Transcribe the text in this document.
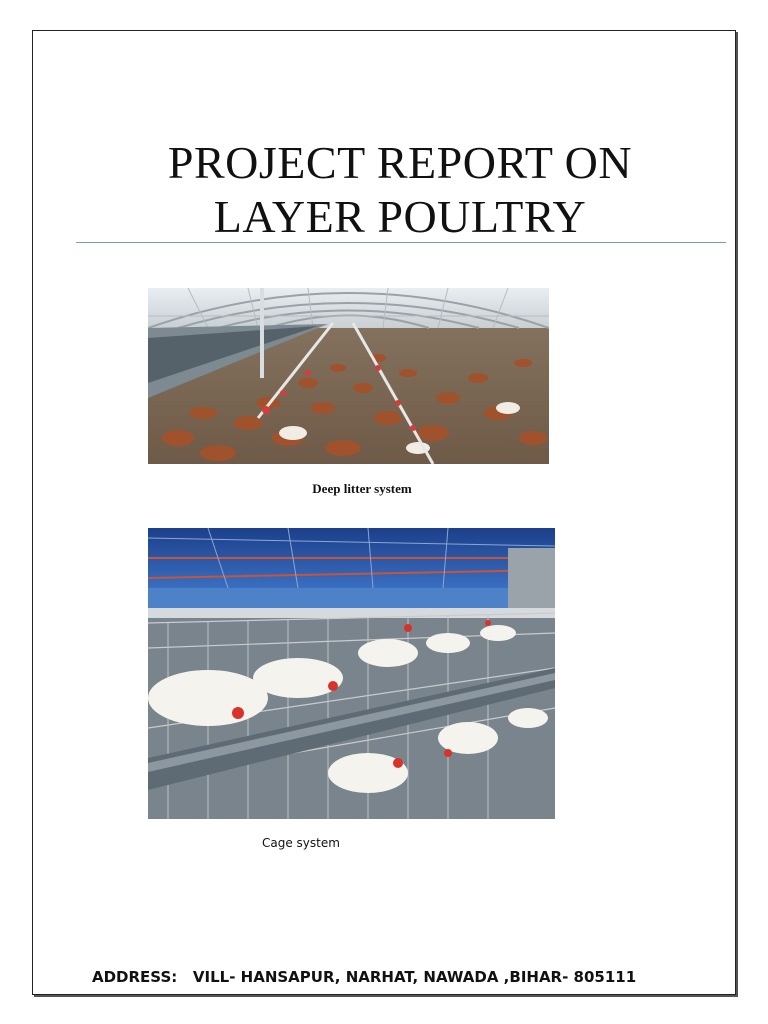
PROJECT REPORT ON
LAYER POULTRY
Deep litter system
Cage system
ADDRESS:   VILL- HANSAPUR, NARHAT, NAWADA ,BIHAR- 805111
